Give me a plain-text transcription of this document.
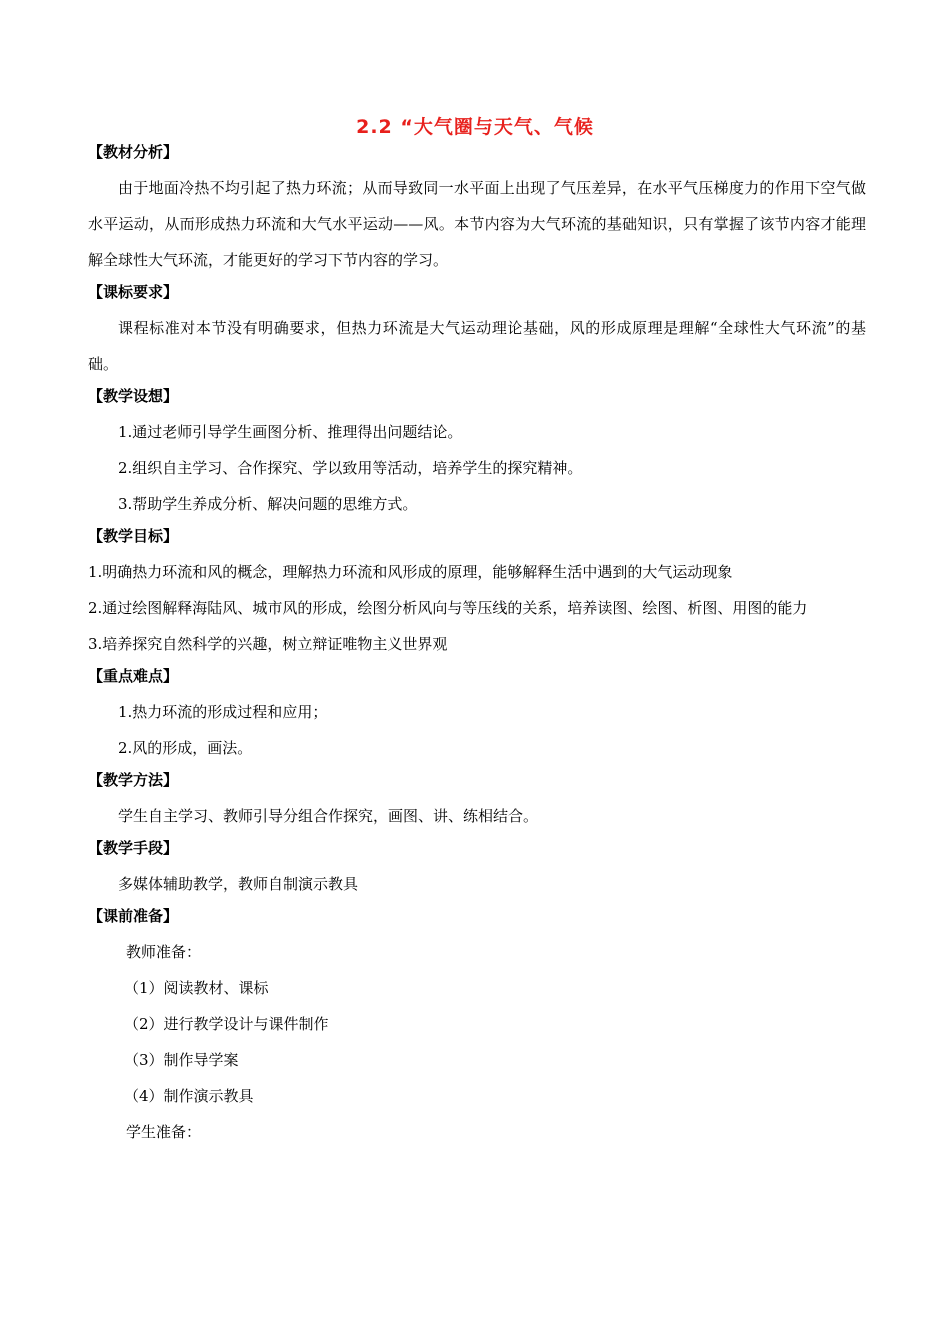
2.2 “大气圈与天气、气候
【教材分析】
由于地面冷热不均引起了热力环流；从而导致同一水平面上出现了气压差异，在水平气压梯度力的作用下空气做水平运动，从而形成热力环流和大气水平运动——风。本节内容为大气环流的基础知识，只有掌握了该节内容才能理解全球性大气环流，才能更好的学习下节内容的学习。
【课标要求】
课程标准对本节没有明确要求，但热力环流是大气运动理论基础，风的形成原理是理解“全球性大气环流”的基础。
【教学设想】
1.通过老师引导学生画图分析、推理得出问题结论。
2.组织自主学习、合作探究、学以致用等活动，培养学生的探究精神。
3.帮助学生养成分析、解决问题的思维方式。
【教学目标】
1.明确热力环流和风的概念，理解热力环流和风形成的原理，能够解释生活中遇到的大气运动现象
2.通过绘图解释海陆风、城市风的形成，绘图分析风向与等压线的关系，培养读图、绘图、析图、用图的能力
3.培养探究自然科学的兴趣，树立辩证唯物主义世界观
【重点难点】
1.热力环流的形成过程和应用；
2.风的形成，画法。
【教学方法】
学生自主学习、教师引导分组合作探究，画图、讲、练相结合。
【教学手段】
多媒体辅助教学，教师自制演示教具
【课前准备】
教师准备：
（1）阅读教材、课标
（2）进行教学设计与课件制作
（3）制作导学案
（4）制作演示教具
学生准备：
